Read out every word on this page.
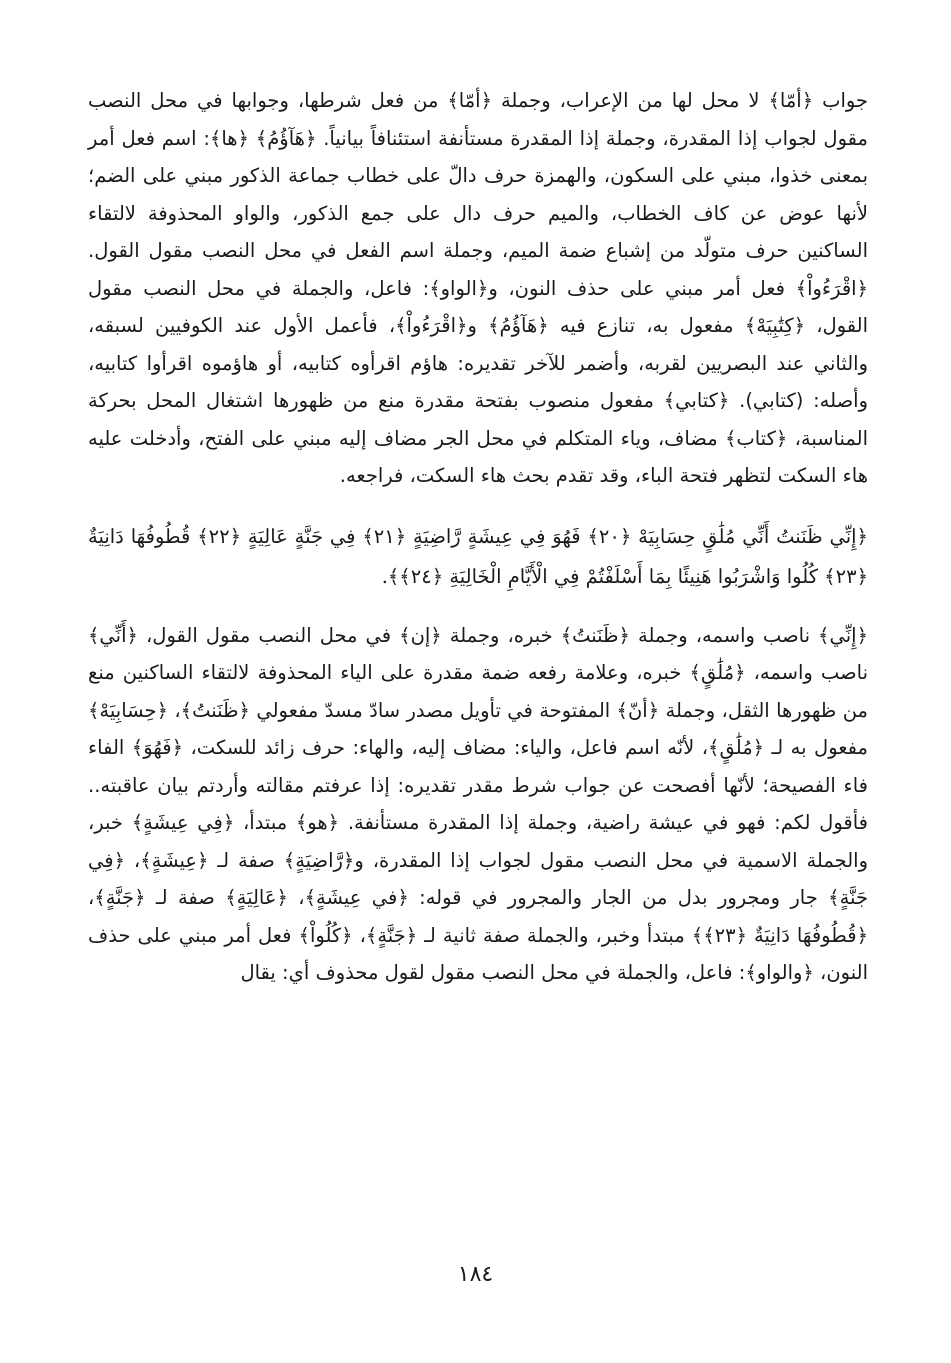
جواب ﴿أمّا﴾ لا محل لها من الإعراب، وجملة ﴿أمّا﴾ من فعل شرطها، وجوابها في محل النصب مقول لجواب إذا المقدرة، وجملة إذا المقدرة مستأنفة استئنافاً بيانياً. ﴿هَآؤُمُ﴾ ﴿ها﴾: اسم فعل أمر بمعنى خذوا، مبني على السكون، والهمزة حرف دالّ على خطاب جماعة الذكور مبني على الضم؛ لأنها عوض عن كاف الخطاب، والميم حرف دال على جمع الذكور، والواو المحذوفة لالتقاء الساكنين حرف متولّد من إشباع ضمة الميم، وجملة اسم الفعل في محل النصب مقول القول. ﴿اقْرَءُواْ﴾ فعل أمر مبني على حذف النون، و﴿الواو﴾: فاعل، والجملة في محل النصب مقول القول، ﴿كِتَٰبِيَهْ﴾ مفعول به، تنازع فيه ﴿هَآؤُمُ﴾ و﴿اقْرَءُواْ﴾، فأعمل الأول عند الكوفيين لسبقه، والثاني عند البصريين لقربه، وأضمر للآخر تقديره: هاؤم اقرأوه كتابيه، أو هاؤموه اقرأوا كتابيه، وأصله: (كتابي). ﴿كتابي﴾ مفعول منصوب بفتحة مقدرة منع من ظهورها اشتغال المحل بحركة المناسبة، ﴿كتاب﴾ مضاف، وياء المتكلم في محل الجر مضاف إليه مبني على الفتح، وأدخلت عليه هاء السكت لتظهر فتحة الباء، وقد تقدم بحث هاء السكت، فراجعه.

﴿إِنِّي ظَنَنتُ أَنِّي مُلَٰقٍ حِسَابِيَهْ ﴿٢٠﴾ فَهُوَ فِي عِيشَةٍ رَّاضِيَةٍ ﴿٢١﴾ فِي جَنَّةٍ عَالِيَةٍ ﴿٢٢﴾ قُطُوفُهَا دَانِيَةٌ ﴿٢٣﴾ كُلُوا وَاشْرَبُوا هَنِيئًا بِمَا أَسْلَفْتُمْ فِي الْأَيَّامِ الْخَالِيَةِ ﴿٢٤﴾﴾.

﴿إِنِّي﴾ ناصب واسمه، وجملة ﴿ظَنَنتُ﴾ خبره، وجملة ﴿إن﴾ في محل النصب مقول القول، ﴿أَنِّي﴾ ناصب واسمه، ﴿مُلَٰقٍ﴾ خبره، وعلامة رفعه ضمة مقدرة على الياء المحذوفة لالتقاء الساكنين منع من ظهورها الثقل، وجملة ﴿أنّ﴾ المفتوحة في تأويل مصدر سادّ مسدّ مفعولي ﴿ظَنَنتُ﴾، ﴿حِسَابِيَهْ﴾ مفعول به لـ ﴿مُلَٰقٍ﴾، لأنّه اسم فاعل، والياء: مضاف إليه، والهاء: حرف زائد للسكت، ﴿فَهُوَ﴾ الفاء فاء الفصيحة؛ لأنّها أفصحت عن جواب شرط مقدر تقديره: إذا عرفتم مقالته وأردتم بيان عاقبته.. فأقول لكم: فهو في عيشة راضية، وجملة إذا المقدرة مستأنفة. ﴿هو﴾ مبتدأ، ﴿فِي عِيشَةٍ﴾ خبر، والجملة الاسمية في محل النصب مقول لجواب إذا المقدرة، و﴿رَّاضِيَةٍ﴾ صفة لـ ﴿عِيشَةٍ﴾، ﴿فِي جَنَّةٍ﴾ جار ومجرور بدل من الجار والمجرور في قوله: ﴿في عِيشَةٍ﴾، ﴿عَالِيَةٍ﴾ صفة لـ ﴿جَنَّةٍ﴾، ﴿قُطُوفُهَا دَانِيَةٌ ﴿٢٣﴾﴾ مبتدأ وخبر، والجملة صفة ثانية لـ ﴿جَنَّةٍ﴾، ﴿كُلُواْ﴾ فعل أمر مبني على حذف النون، ﴿والواو﴾: فاعل، والجملة في محل النصب مقول لقول محذوف أي: يقال

١٨٤
